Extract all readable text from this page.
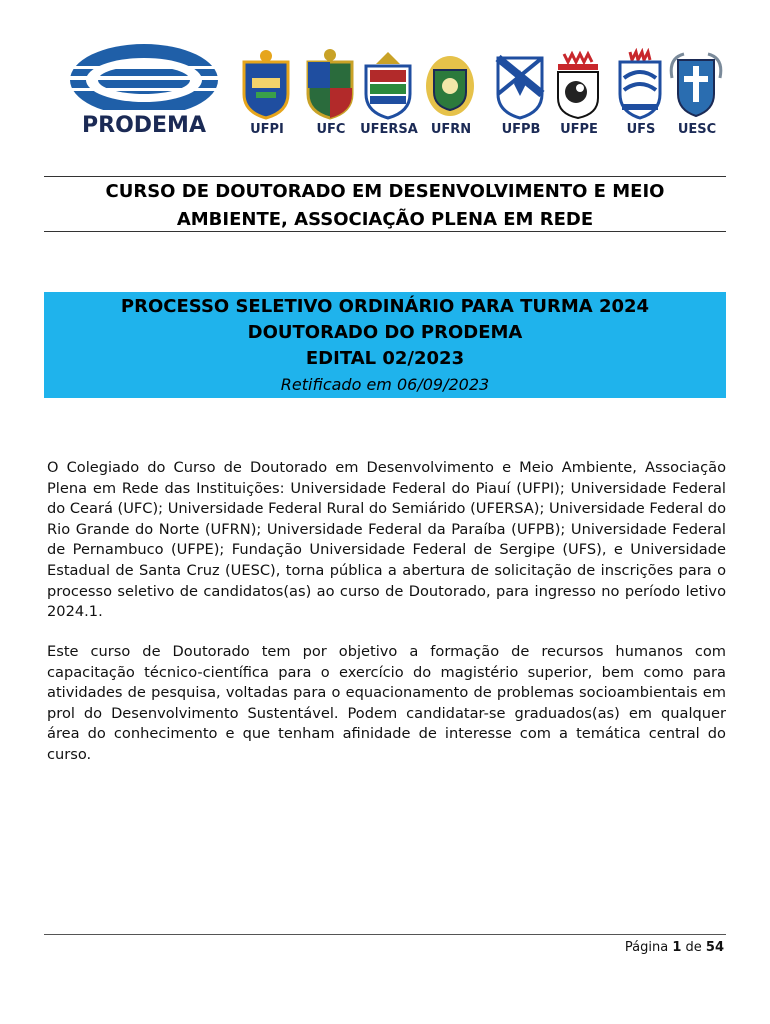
PRODEMA	UFPI	UFC	UFERSA UFRN	UFPB	UFPE	UFS	UESC
CURSO DE DOUTORADO EM DESENVOLVIMENTO E MEIO
AMBIENTE, ASSOCIAÇÃO PLENA EM REDE
PROCESSO SELETIVO ORDINÁRIO PARA TURMA 2024
DOUTORADO DO PRODEMA
EDITAL 02/2023
Retificado em 06/09/2023

O Colegiado do Curso de Doutorado em Desenvolvimento e Meio Ambiente, Associação Plena em Rede das Instituições: Universidade Federal do Piauí (UFPI); Universidade Federal do Ceará (UFC); Universidade Federal Rural do Semiárido (UFERSA); Universidade Federal do Rio Grande do Norte (UFRN); Universidade Federal da Paraíba (UFPB); Universidade Federal de Pernambuco (UFPE); Fundação Universidade Federal de Sergipe (UFS), e Universidade Estadual de Santa Cruz (UESC), torna pública a abertura de solicitação de inscrições para o processo seletivo de candidatos(as) ao curso de Doutorado, para ingresso no período letivo 2024.1.

Este curso de Doutorado tem por objetivo a formação de recursos humanos com capacitação técnico-científica para o exercício do magistério superior, bem como para atividades de pesquisa, voltadas para o equacionamento de problemas socioambientais em prol do Desenvolvimento Sustentável. Podem candidatar-se graduados(as) em qualquer área do conhecimento e que tenham afinidade de interesse com a temática central do curso.

Página 1 de 54
